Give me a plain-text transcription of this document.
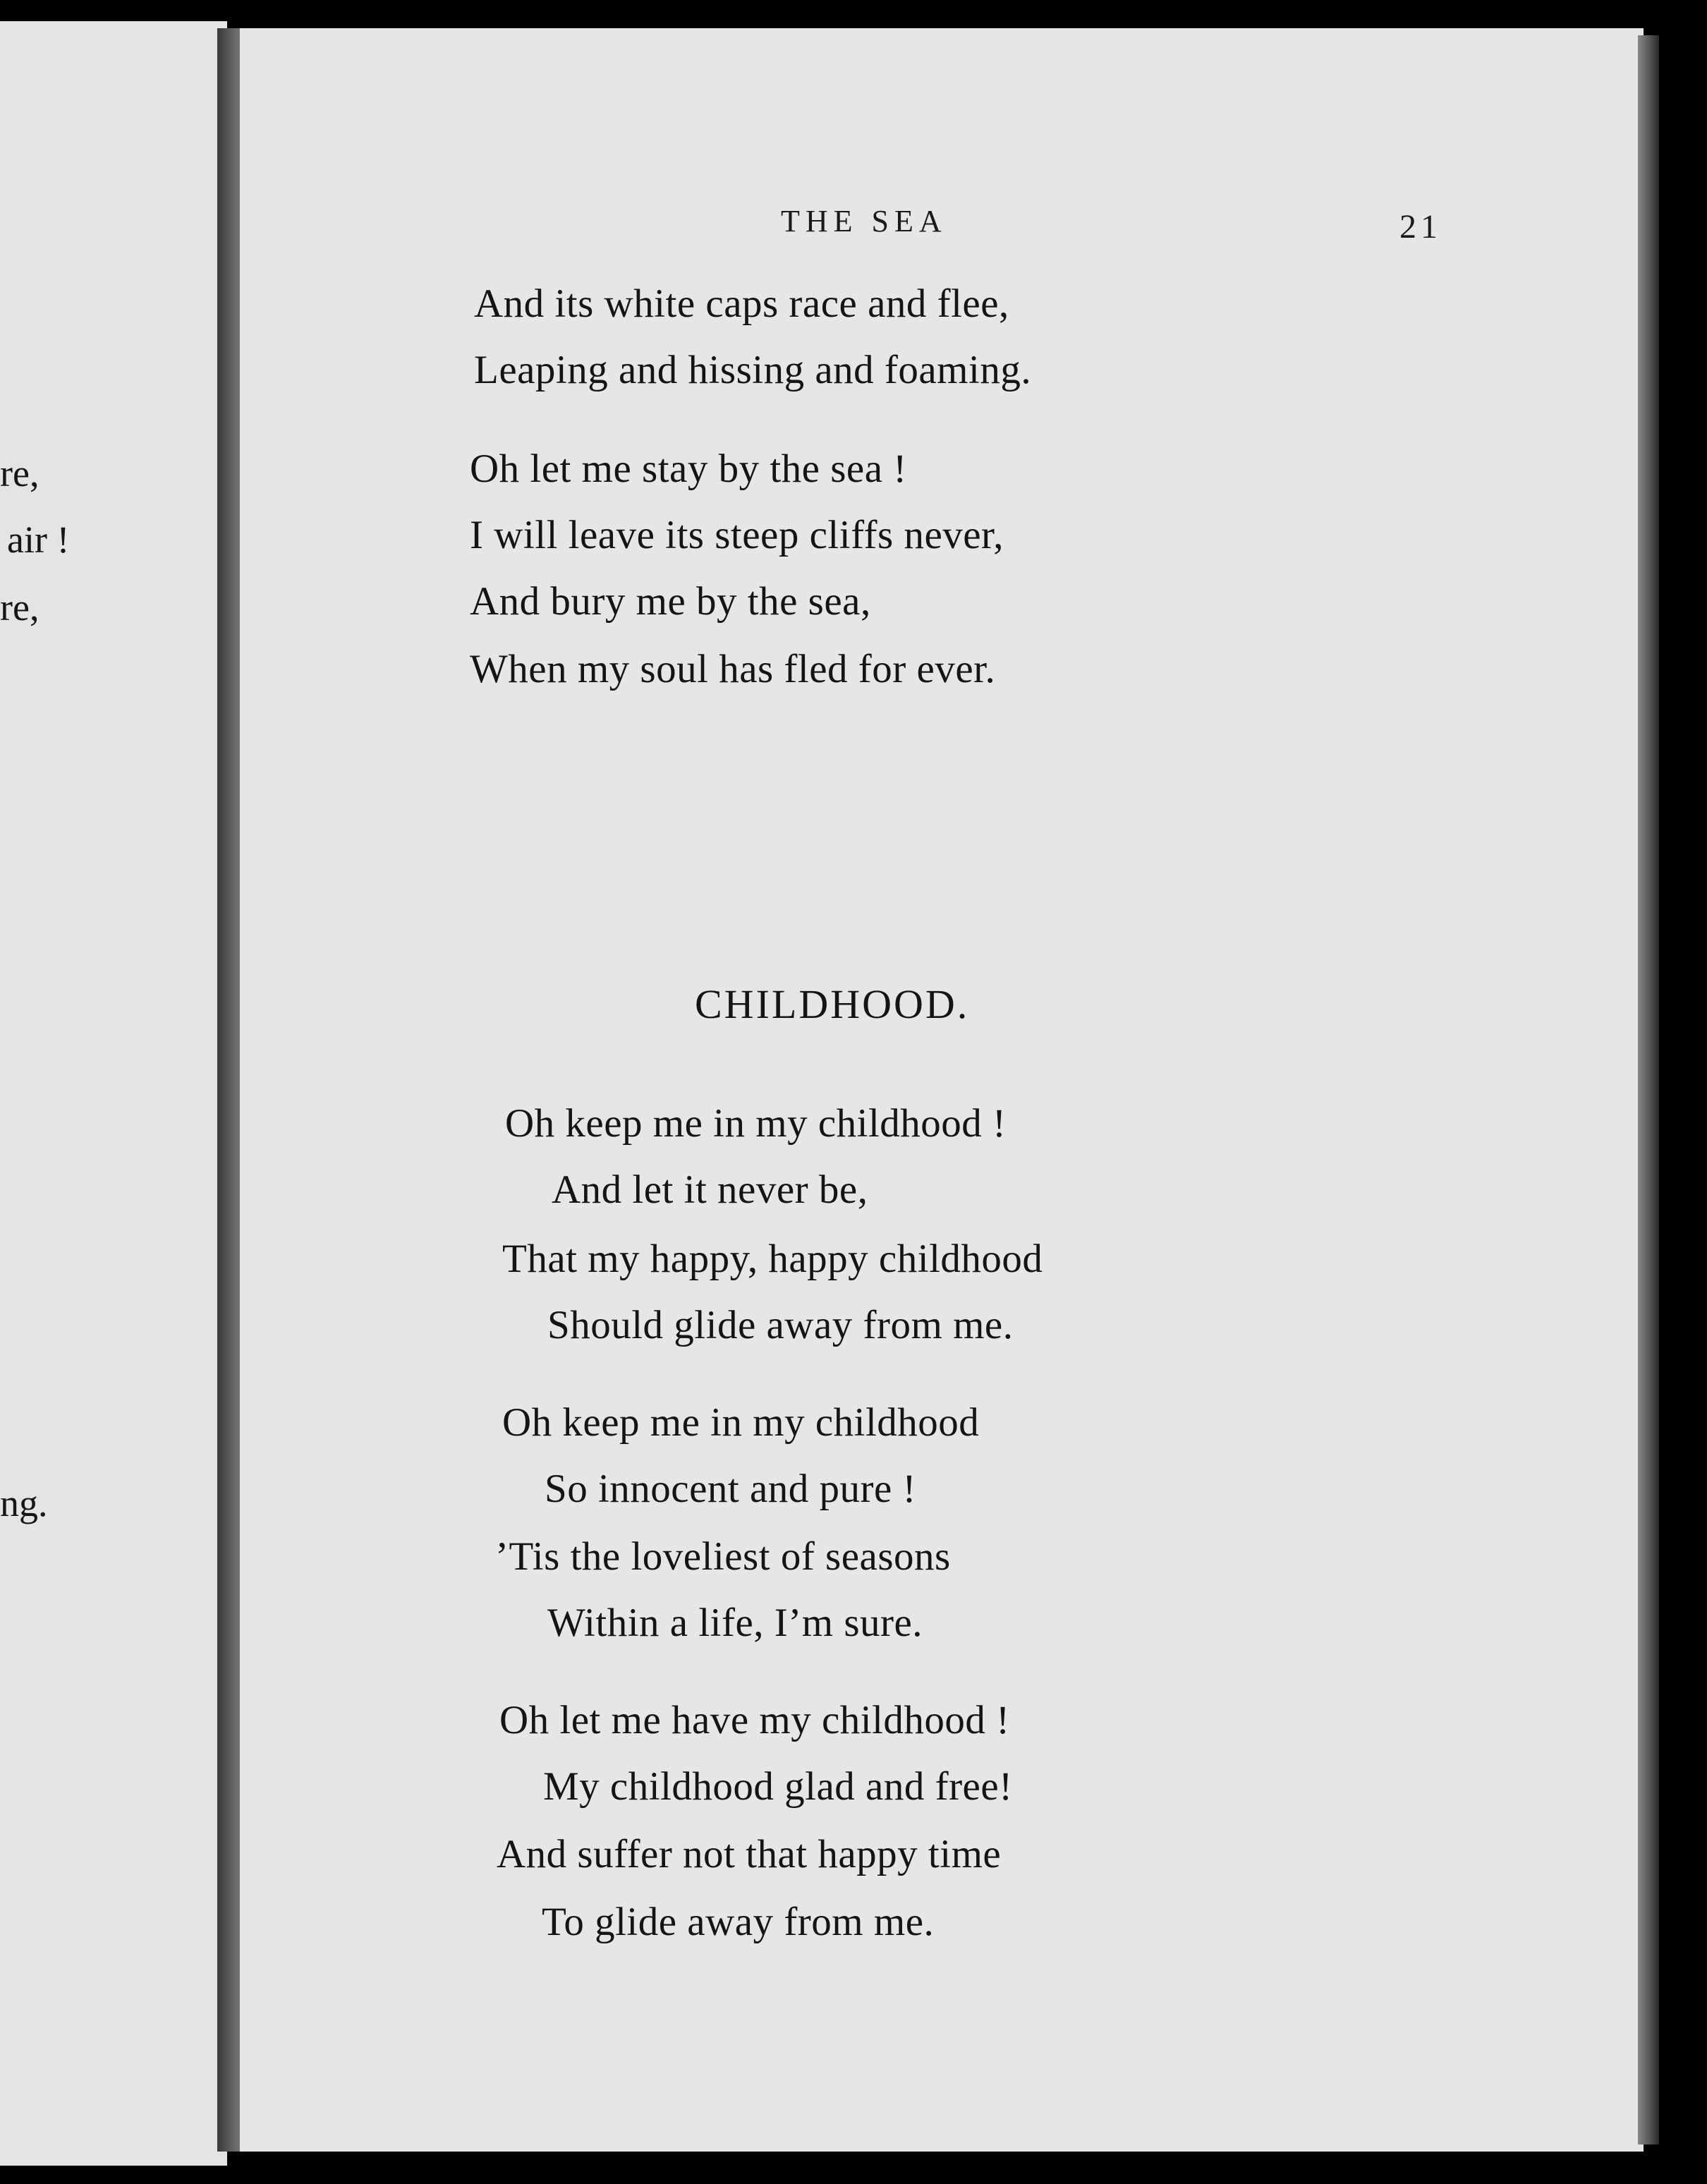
re,
air !
re,
ng.
THE SEA	21
And its white caps race and flee,
Leaping and hissing and foaming.
Oh let me stay by the sea !
I will leave its steep cliffs never,
And bury me by the sea,
When my soul has fled for ever.
CHILDHOOD.
Oh keep me in my childhood !
And let it never be,
That my happy, happy childhood
Should glide away from me.
Oh keep me in my childhood
So innocent and pure !
’Tis the loveliest of seasons
Within a life, I’m sure.
Oh let me have my childhood !
My childhood glad and free!
And suffer not that happy time
To glide away from me.
